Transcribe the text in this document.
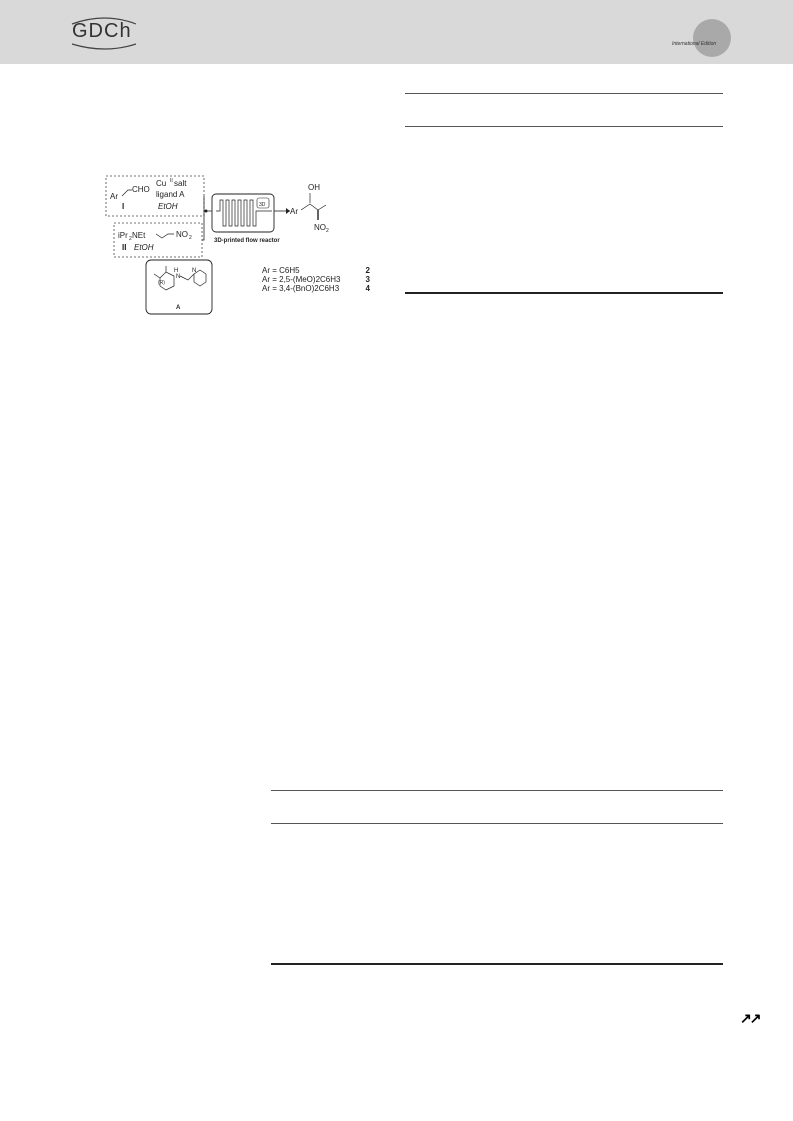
GDCh
International Edition
Ar
CHO
Cu II salt
ligand A
I	EtOH
iPr 2 NEt	NO 2
II EtOH
3D
3D-printed flow reactor
OH
Ar
NO 2
(R)
H
N
N
A
Ar = C6H5	2
Ar = 2,5-(MeO)2C6H3	3
Ar = 3,4-(BnO)2C6H3	4
↗↗
